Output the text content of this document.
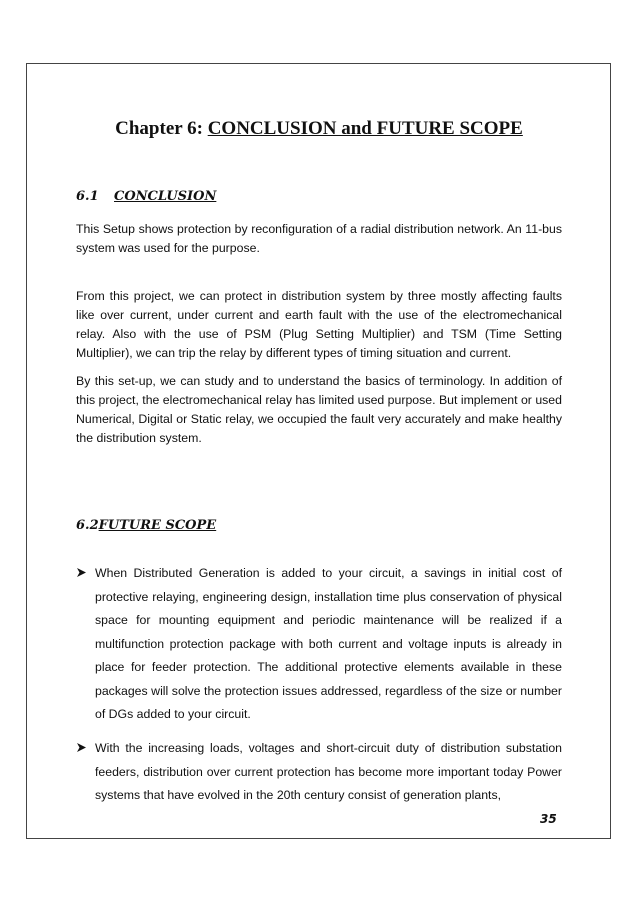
Chapter 6: CONCLUSION and FUTURE SCOPE
6.1 CONCLUSION

This Setup shows protection by reconfiguration of a radial distribution network. An 11-bus system was used for the purpose.

From this project, we can protect in distribution system by three mostly affecting faults like over current, under current and earth fault with the use of the electromechanical relay. Also with the use of PSM (Plug Setting Multiplier) and TSM (Time Setting Multiplier), we can trip the relay by different types of timing situation and current.

By this set-up, we can study and to understand the basics of terminology. In addition of this project, the electromechanical relay has limited used purpose. But implement or used Numerical, Digital or Static relay, we occupied the fault very accurately and make healthy the distribution system.

6.2FUTURE SCOPE
When Distributed Generation is added to your circuit, a savings in initial cost of protective relaying, engineering design, installation time plus conservation of physical space for mounting equipment and periodic maintenance will be realized if a multifunction protection package with both current and voltage inputs is already in place for feeder protection. The additional protective elements available in these packages will solve the protection issues addressed, regardless of the size or number of DGs added to your circuit.
With the increasing loads, voltages and short-circuit duty of distribution substation feeders, distribution over current protection has become more important today Power systems that have evolved in the 20th century consist of generation plants,
35
